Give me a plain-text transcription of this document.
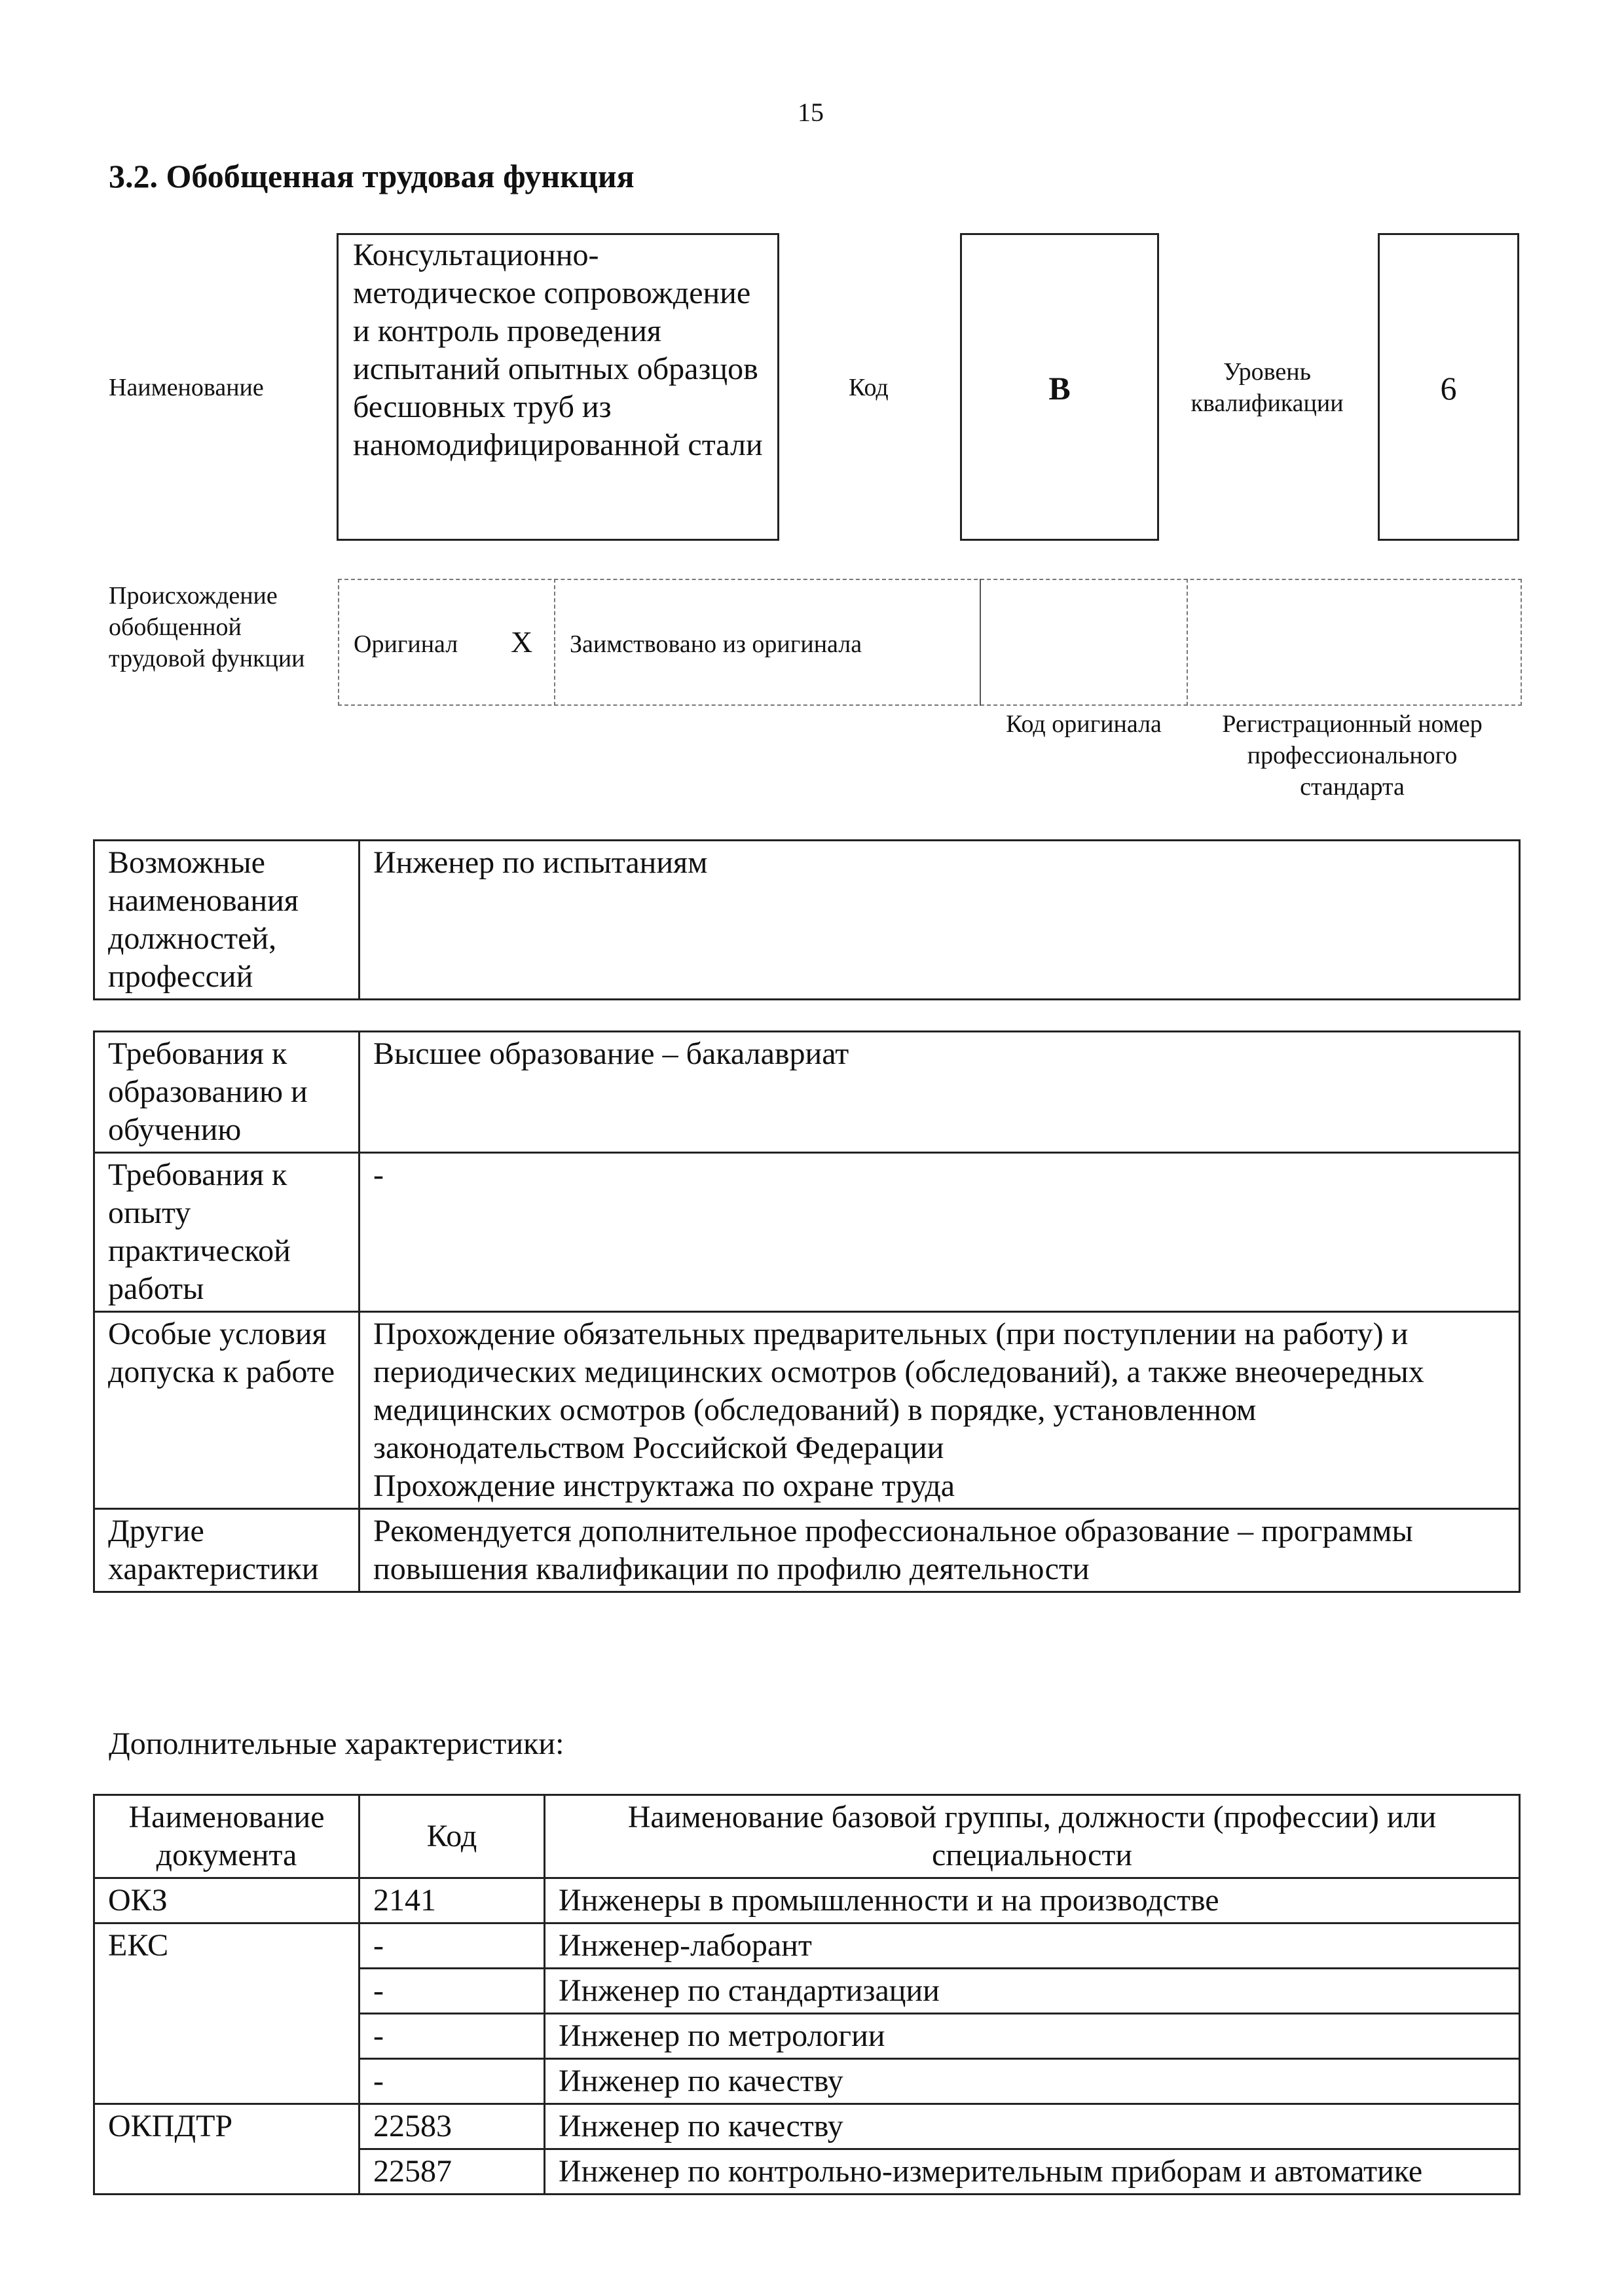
15
3.2. Обобщенная трудовая функция
Наименование
Консультационно-методическое сопровождение и контроль проведения испытаний опытных образцов бесшовных труб из наномодифицированной стали
Код	B	Уровень квалификации	6
Происхождение обобщенной трудовой функции
Оригинал X Заимствовано из оригинала
Код оригинала	Регистрационный номер профессионального стандарта
Возможные наименования должностей, профессий	Инженер по испытаниям
Требования к образованию и обучению	Высшее образование – бакалавриат
Требования к опыту практической работы	-
Особые условия допуска к работе	Прохождение обязательных предварительных (при поступлении на работу) и периодических медицинских осмотров (обследований), а также внеочередных медицинских осмотров (обследований) в порядке, установленном законодательством Российской Федерации
Прохождение инструктажа по охране труда

Другие характеристики	Рекомендуется дополнительное профессиональное образование – программы повышения квалификации по профилю деятельности
Дополнительные характеристики:
Наименование документа	Код	Наименование базовой группы, должности (профессии) или специальности
ОКЗ	2141	Инженеры в промышленности и на производстве
ЕКС	-	Инженер-лаборант
	-	Инженер по стандартизации
	-	Инженер по метрологии
	-	Инженер по качеству
ОКПДТР	22583	Инженер по качеству
	22587	Инженер по контрольно-измерительным приборам и автоматике
